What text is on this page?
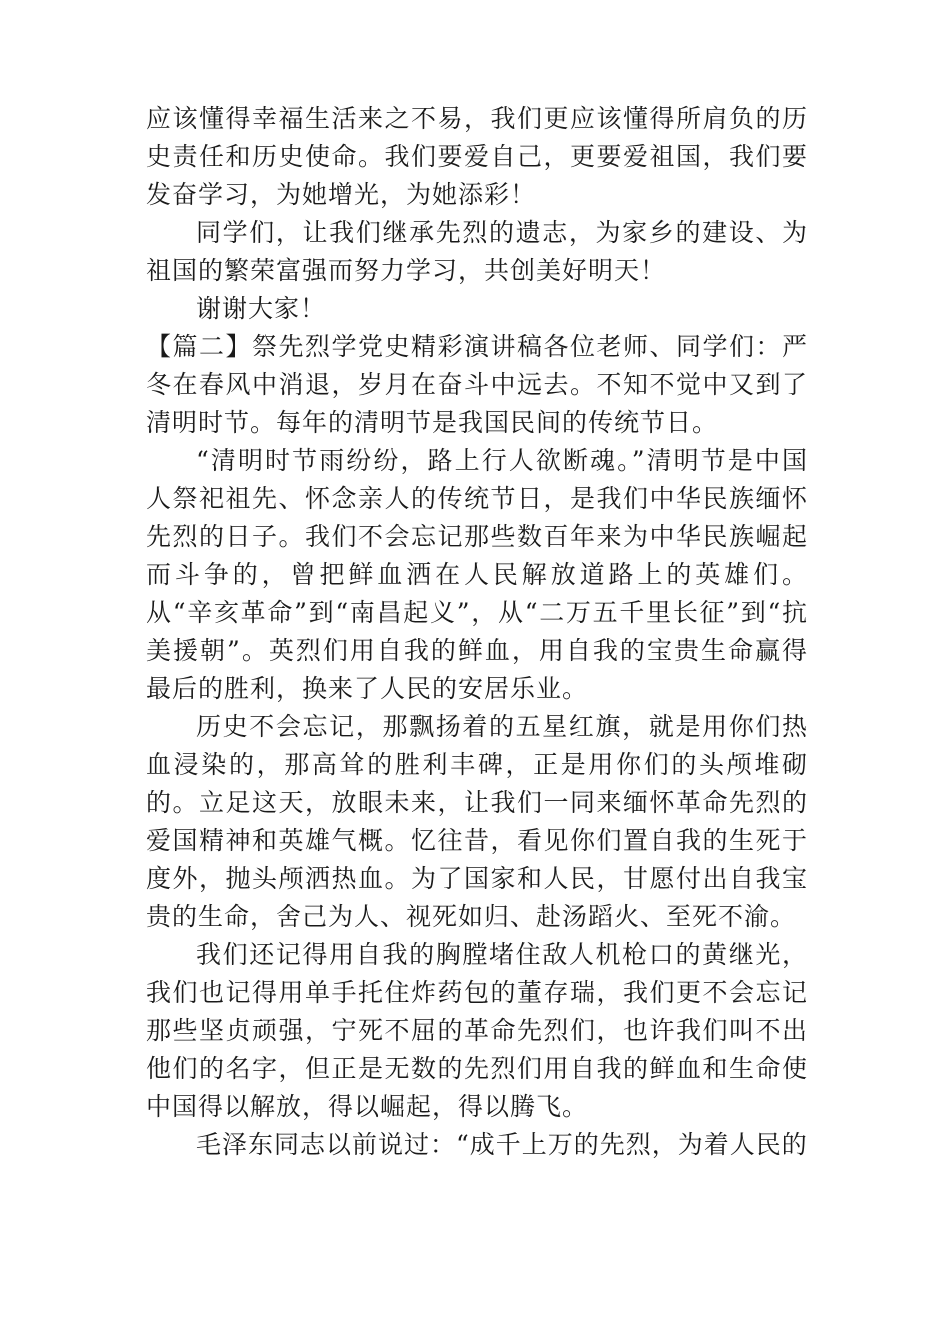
应该懂得幸福生活来之不易，我们更应该懂得所肩负的历史责任和历史使命。我们要爱自己，更要爱祖国，我们要发奋学习，为她增光，为她添彩！

同学们，让我们继承先烈的遗志，为家乡的建设、为祖国的繁荣富强而努力学习，共创美好明天！

谢谢大家！

【篇二】祭先烈学党史精彩演讲稿各位老师、同学们：严冬在春风中消退，岁月在奋斗中远去。不知不觉中又到了清明时节。每年的清明节是我国民间的传统节日。

“清明时节雨纷纷，路上行人欲断魂。”清明节是中国人祭祀祖先、怀念亲人的传统节日，是我们中华民族缅怀先烈的日子。我们不会忘记那些数百年来为中华民族崛起而斗争的，曾把鲜血洒在人民解放道路上的英雄们。从“辛亥革命”到“南昌起义”，从“二万五千里长征”到“抗美援朝”。英烈们用自我的鲜血，用自我的宝贵生命赢得最后的胜利，换来了人民的安居乐业。

历史不会忘记，那飘扬着的五星红旗，就是用你们热血浸染的，那高耸的胜利丰碑，正是用你们的头颅堆砌的。立足这天，放眼未来，让我们一同来缅怀革命先烈的爱国精神和英雄气概。忆往昔，看见你们置自我的生死于度外，抛头颅洒热血。为了国家和人民，甘愿付出自我宝贵的生命，舍己为人、视死如归、赴汤蹈火、至死不渝。

我们还记得用自我的胸膛堵住敌人机枪口的黄继光，我们也记得用单手托住炸药包的董存瑞，我们更不会忘记那些坚贞顽强，宁死不屈的革命先烈们，也许我们叫不出他们的名字，但正是无数的先烈们用自我的鲜血和生命使中国得以解放，得以崛起，得以腾飞。

毛泽东同志以前说过：“成千上万的先烈，为着人民的
